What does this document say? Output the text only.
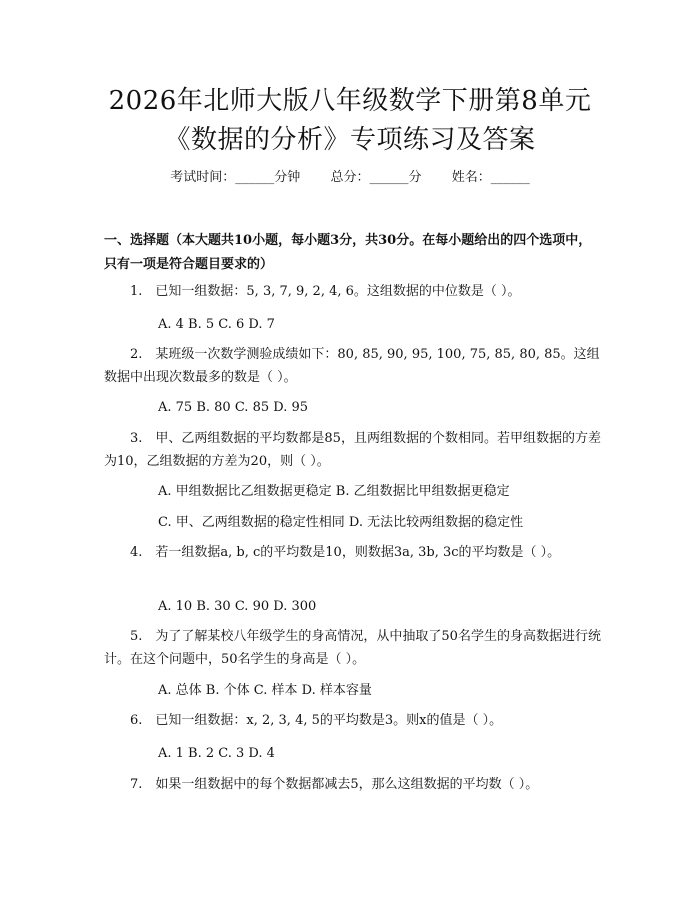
2026年北师大版八年级数学下册第8单元
《数据的分析》专项练习及答案
考试时间：______分钟 总分：______分 姓名：______
一、选择题（本大题共10小题，每小题3分，共30分。在每小题给出的四个选项中，只有一项是符合题目要求的）
1.　已知一组数据：5, 3, 7, 9, 2, 4, 6。这组数据的中位数是（ ）。
A. 4 B. 5 C. 6 D. 7
2.　某班级一次数学测验成绩如下：80, 85, 90, 95, 100, 75, 85, 80, 85。这组数据中出现次数最多的数是（ ）。
A. 75 B. 80 C. 85 D. 95
3.　甲、乙两组数据的平均数都是85，且两组数据的个数相同。若甲组数据的方差为10，乙组数据的方差为20，则（ ）。
A. 甲组数据比乙组数据更稳定 B. 乙组数据比甲组数据更稳定
C. 甲、乙两组数据的稳定性相同 D. 无法比较两组数据的稳定性
4.　若一组数据a, b, c的平均数是10，则数据3a, 3b, 3c的平均数是（ ）。
A. 10 B. 30 C. 90 D. 300
5.　为了了解某校八年级学生的身高情况，从中抽取了50名学生的身高数据进行统计。在这个问题中，50名学生的身高是（ ）。
A. 总体 B. 个体 C. 样本 D. 样本容量
6.　已知一组数据：x, 2, 3, 4, 5的平均数是3。则x的值是（ ）。
A. 1 B. 2 C. 3 D. 4
7.　如果一组数据中的每个数据都减去5，那么这组数据的平均数（ ）。
